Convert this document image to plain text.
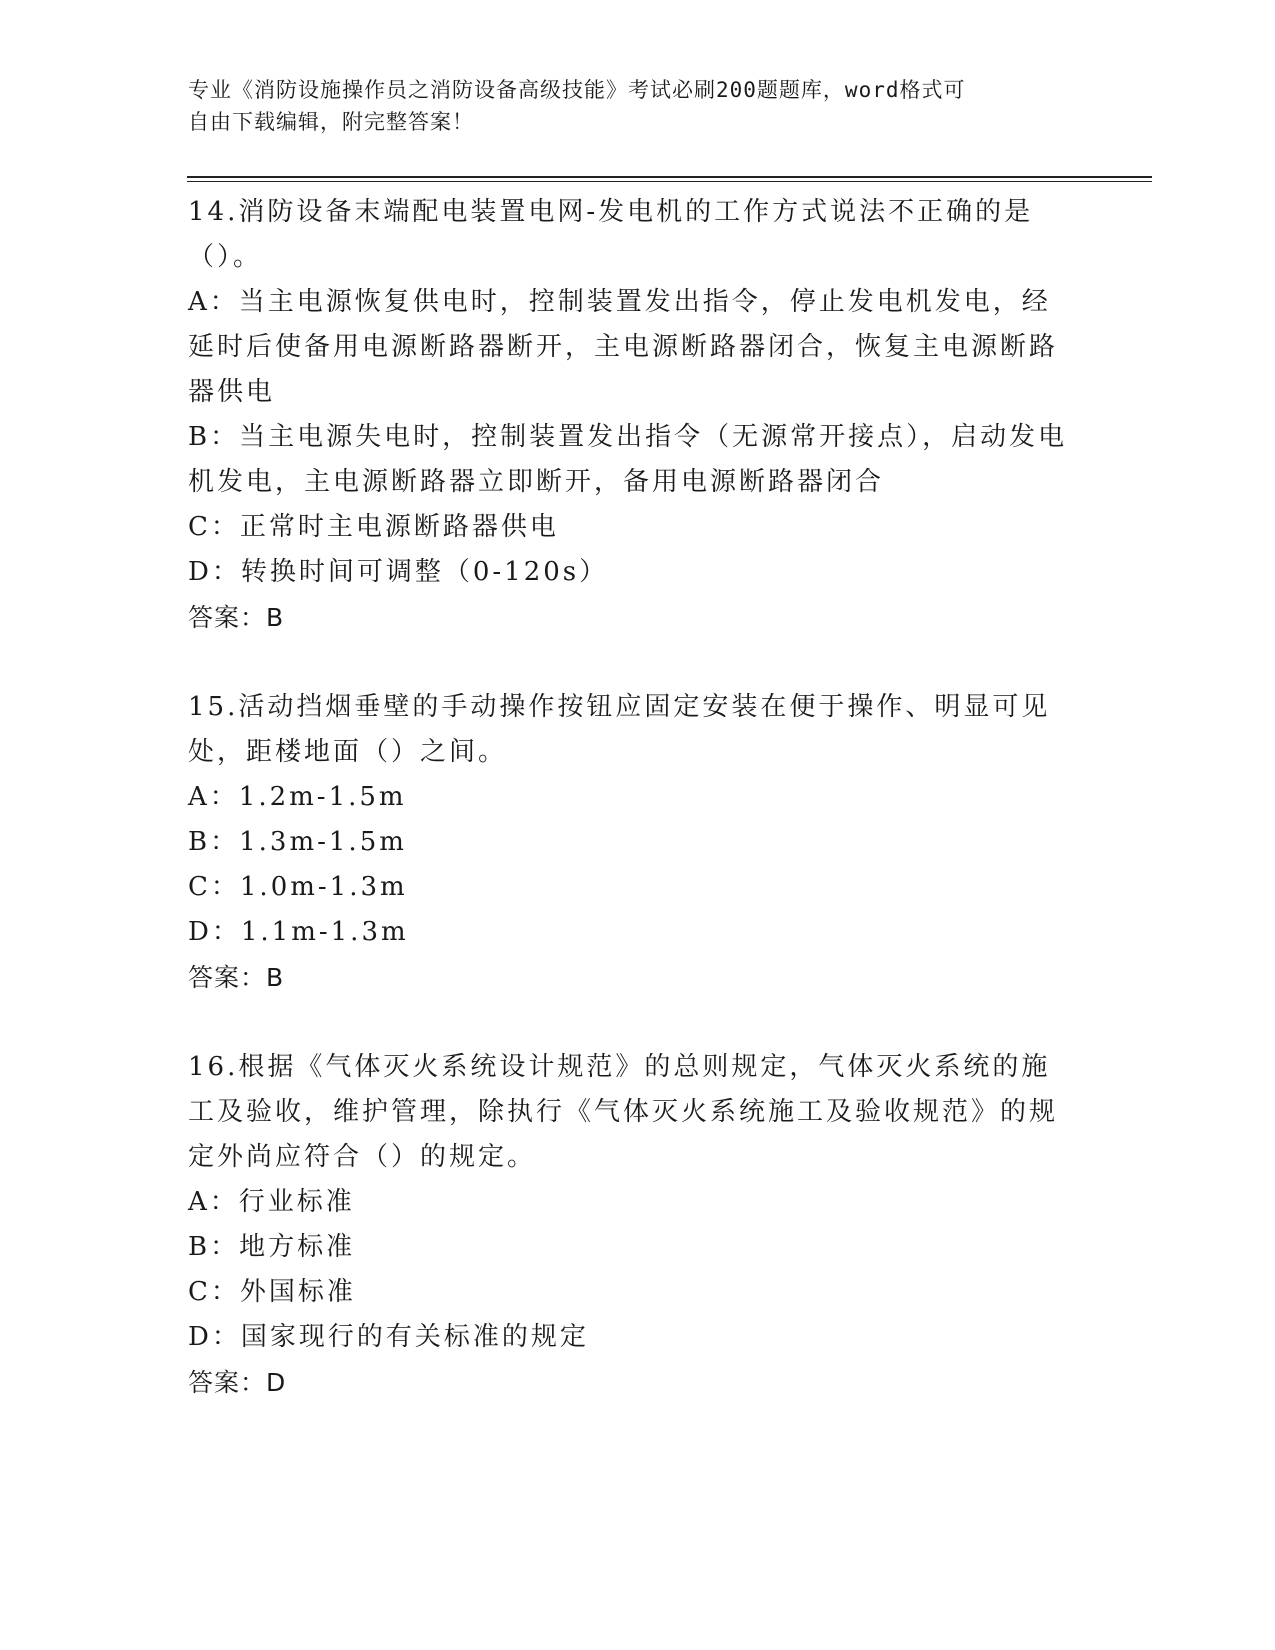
专业《消防设施操作员之消防设备高级技能》考试必刷200题题库，word格式可
自由下载编辑，附完整答案！
14.消防设备末端配电装置电网-发电机的工作方式说法不正确的是（）。
A：当主电源恢复供电时，控制装置发出指令，停止发电机发电，经延时后使备用电源断路器断开，主电源断路器闭合，恢复主电源断路器供电
B：当主电源失电时，控制装置发出指令（无源常开接点），启动发电机发电，主电源断路器立即断开，备用电源断路器闭合
C：正常时主电源断路器供电
D：转换时间可调整（0-120s）
答案：B
15.活动挡烟垂壁的手动操作按钮应固定安装在便于操作、明显可见处，距楼地面（）之间。
A：1.2m-1.5m
B：1.3m-1.5m
C：1.0m-1.3m
D：1.1m-1.3m
答案：B
16.根据《气体灭火系统设计规范》的总则规定，气体灭火系统的施工及验收，维护管理，除执行《气体灭火系统施工及验收规范》的规定外尚应符合（）的规定。
A：行业标准
B：地方标准
C：外国标准
D：国家现行的有关标准的规定
答案：D
